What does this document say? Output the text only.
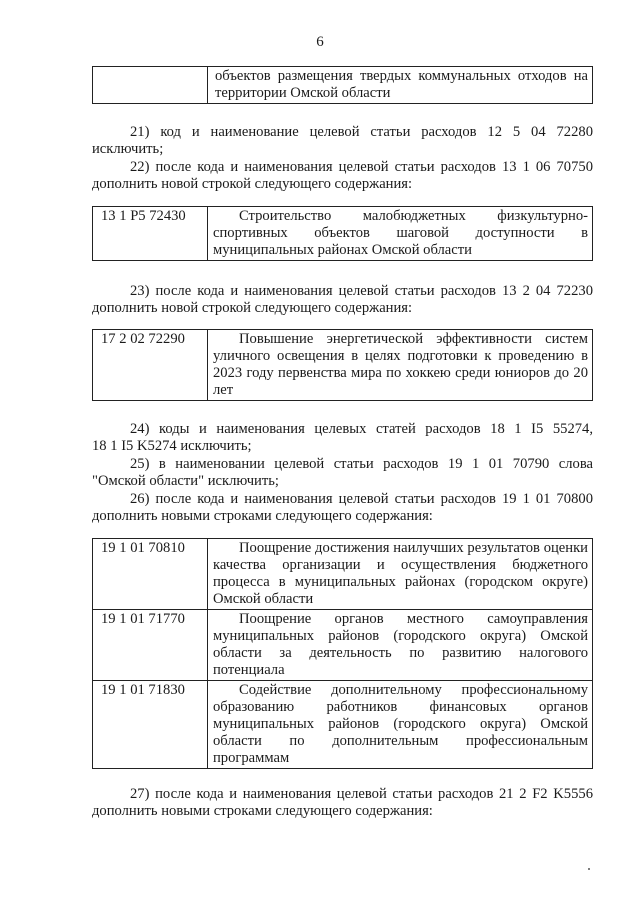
6
	объектов размещения твердых коммунальных отходов на территории Омской области
21) код и наименование целевой статьи расходов 12 5 04 72280
исключить;
22) после кода и наименования целевой статьи расходов 13 1 06 70750
дополнить новой строкой следующего содержания:
13 1 P5 72430	Строительство малобюджетных физкультурно-спортивных объектов шаговой доступности в муниципальных районах Омской области
23) после кода и наименования целевой статьи расходов 13 2 04 72230
дополнить новой строкой следующего содержания:
17 2 02 72290	Повышение энергетической эффективности систем уличного освещения в целях подготовки к проведению в 2023 году первенства мира по хоккею среди юниоров до 20 лет
24) коды и наименования целевых статей расходов 18 1 I5 55274,
18 1 I5 K5274 исключить;
25) в наименовании целевой статьи расходов 19 1 01 70790 слова
"Омской области" исключить;
26) после кода и наименования целевой статьи расходов 19 1 01 70800
дополнить новыми строками следующего содержания:
19 1 01 70810	Поощрение достижения наилучших результатов оценки качества организации и осуществления бюджетного процесса в муниципальных районах (городском округе) Омской области
19 1 01 71770	Поощрение органов местного самоуправления муниципальных районов (городского округа) Омской области за деятельность по развитию налогового потенциала
19 1 01 71830	Содействие дополнительному профессиональному образованию работников финансовых органов муниципальных районов (городского округа) Омской области по дополнительным профессиональным программам
27) после кода и наименования целевой статьи расходов 21 2 F2 K5556
дополнить новыми строками следующего содержания:
